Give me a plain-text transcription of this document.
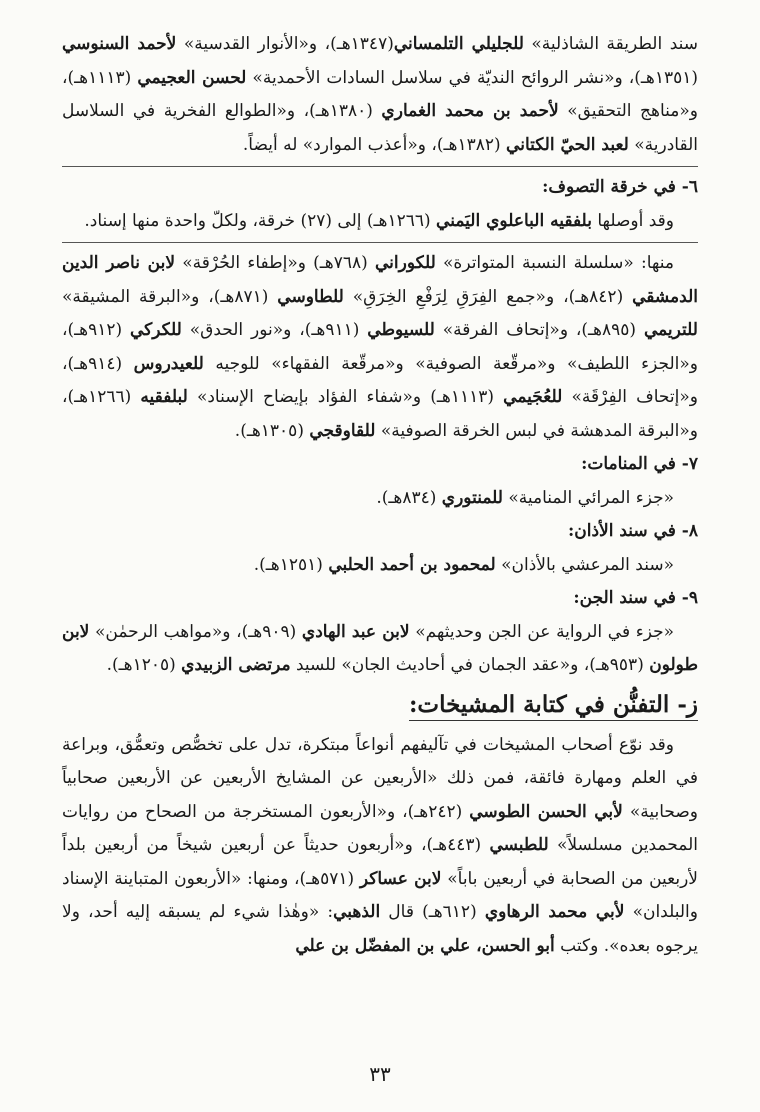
سند الطريقة الشاذلية» للجليلي التلمساني(١٣٤٧هـ)، و«الأنوار القدسية» لأحمد السنوسي (١٣٥١هـ)، و«نشر الروائح النديّة في سلاسل السادات الأحمدية» لحسن العجيمي (١١١٣هـ)، و«مناهج التحقيق» لأحمد بن محمد الغماري (١٣٨٠هـ)، و«الطوالع الفخرية في السلاسل القادرية» لعبد الحيّ الكتاني (١٣٨٢هـ)، و«أعذب الموارد» له أيضاً.

٦- في خرقة التصوف:

وقد أوصلها بلفقيه الباعلوي اليَمني (١٢٦٦هـ) إلى (٢٧) خرقة، ولكلّ واحدة منها إسناد.

منها: «سلسلة النسبة المتواترة» للكوراني (٧٦٨هـ) و«إطفاء الحُرْقة» لابن ناصر الدين الدمشقي (٨٤٢هـ)، و«جمع الفِرَقِ لِرَفْعِ الخِرَقِ» للطاوسي (٨٧١هـ)، و«البرقة المشيقة» للتريمي (٨٩٥هـ)، و«إتحاف الفرقة» للسيوطي (٩١١هـ)، و«نور الحدق» للكركي (٩١٢هـ)، و«الجزء اللطيف» و«مرقّعة الصوفية» و«مرقّعة الفقهاء» للوجيه للعيدروس (٩١٤هـ)، و«إتحاف الفِرْقَة» للعُجَيمي (١١١٣هـ) و«شفاء الفؤاد بإيضاح الإسناد» لبلفقيه (١٢٦٦هـ)، و«البرقة المدهشة في لبس الخرقة الصوفية» للقاوقجي (١٣٠٥هـ).

٧- في المنامات:

«جزء المرائي المنامية» للمنتوري (٨٣٤هـ).

٨- في سند الأذان:

«سند المرعشي بالأذان» لمحمود بن أحمد الحلبي (١٢٥١هـ).

٩- في سند الجن:

«جزء في الرواية عن الجن وحديثهم» لابن عبد الهادي (٩٠٩هـ)، و«مواهب الرحمٰن» لابن طولون (٩٥٣هـ)، و«عقد الجمان في أحاديث الجان» للسيد مرتضى الزبيدي (١٢٠٥هـ).

ز- التفنُّن في كتابة المشيخات:

وقد نوّع أصحاب المشيخات في تآليفهم أنواعاً مبتكرة، تدل على تخصُّص وتعمُّق، وبراعة في العلم ومهارة فائقة، فمن ذلك «الأربعين عن المشايخ الأربعين عن الأربعين صحابياً وصحابية» لأبي الحسن الطوسي (٢٤٢هـ)، و«الأربعون المستخرجة من الصحاح من روايات المحمدين مسلسلاً» للطبسي (٤٤٣هـ)، و«أربعون حديثاً عن أربعين شيخاً من أربعين بلداً لأربعين من الصحابة في أربعين باباً» لابن عساكر (٥٧١هـ)، ومنها: «الأربعون المتباينة الإسناد والبلدان» لأبي محمد الرهاوي (٦١٢هـ) قال الذهبي: «وهٰذا شيء لم يسبقه إليه أحد، ولا يرجوه بعده». وكتب أبو الحسن، علي بن المفضّل بن علي

٣٣
